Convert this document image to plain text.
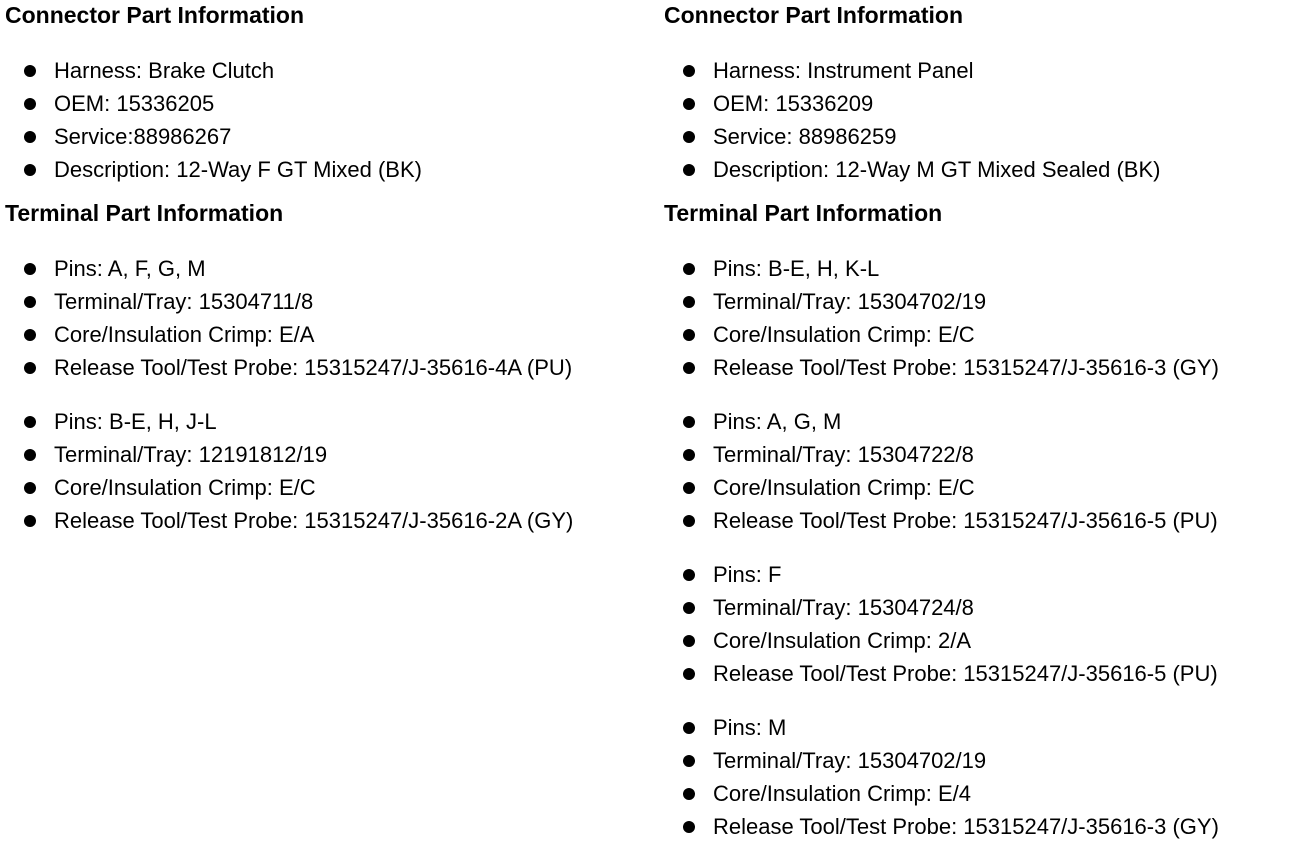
Connector Part Information
Harness: Brake Clutch
OEM: 15336205
Service:88986267
Description: 12-Way F GT Mixed (BK)
Terminal Part Information
Pins: A, F, G, M
Terminal/Tray: 15304711/8
Core/Insulation Crimp: E/A
Release Tool/Test Probe: 15315247/J-35616-4A (PU)
Pins: B-E, H, J-L
Terminal/Tray: 12191812/19
Core/Insulation Crimp: E/C
Release Tool/Test Probe: 15315247/J-35616-2A (GY)
Connector Part Information
Harness: Instrument Panel
OEM: 15336209
Service: 88986259
Description: 12-Way M GT Mixed Sealed (BK)
Terminal Part Information
Pins: B-E, H, K-L
Terminal/Tray: 15304702/19
Core/Insulation Crimp: E/C
Release Tool/Test Probe: 15315247/J-35616-3 (GY)
Pins: A, G, M
Terminal/Tray: 15304722/8
Core/Insulation Crimp: E/C
Release Tool/Test Probe: 15315247/J-35616-5 (PU)
Pins: F
Terminal/Tray: 15304724/8
Core/Insulation Crimp: 2/A
Release Tool/Test Probe: 15315247/J-35616-5 (PU)
Pins: M
Terminal/Tray: 15304702/19
Core/Insulation Crimp: E/4
Release Tool/Test Probe: 15315247/J-35616-3 (GY)
